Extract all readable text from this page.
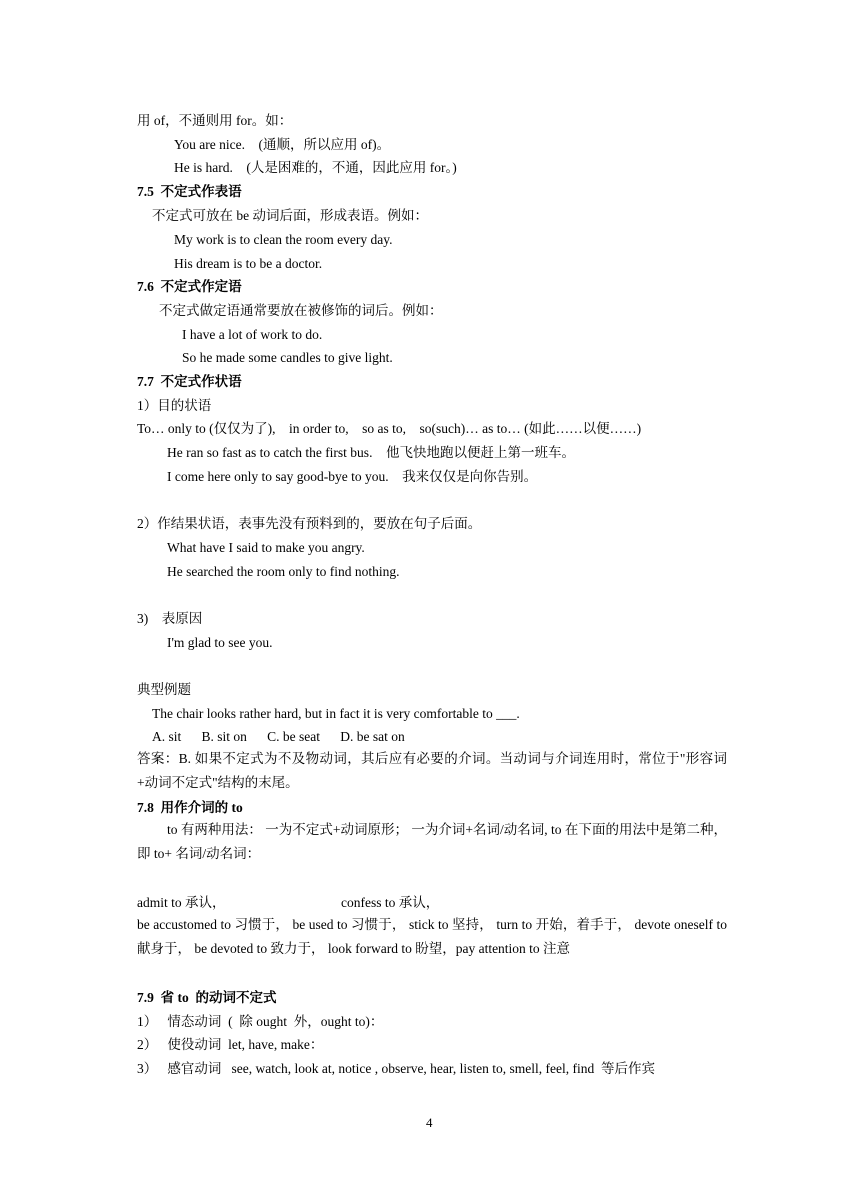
用 of，不通则用 for。如：
You are nice.    (通顺，所以应用 of)。
He is hard.    (人是困难的，不通，因此应用 for。)
7.5  不定式作表语
不定式可放在 be 动词后面，形成表语。例如：
My work is to clean the room every day.
His dream is to be a doctor.
7.6  不定式作定语
不定式做定语通常要放在被修饰的词后。例如：
I have a lot of work to do.
So he made some candles to give light.
7.7  不定式作状语
1）目的状语
To… only to (仅仅为了),    in order to,    so as to,    so(such)… as to… (如此……以便……)
He ran so fast as to catch the first bus.    他飞快地跑以便赶上第一班车。
I come here only to say good-bye to you.    我来仅仅是向你告别。
2）作结果状语，表事先没有预料到的，要放在句子后面。
What have I said to make you angry.
He searched the room only to find nothing.
3)    表原因
I'm glad to see you.
典型例题
The chair looks rather hard, but in fact it is very comfortable to ___.
A. sit      B. sit on      C. be seat      D. be sat on
答案：B. 如果不定式为不及物动词，其后应有必要的介词。当动词与介词连用时，常位于"形容词+动词不定式"结构的末尾。
7.8  用作介词的 to
to 有两种用法： 一为不定式+动词原形； 一为介词+名词/动名词, to 在下面的用法中是第二种，即 to+ 名词/动名词：
admit to 承认，	confess to 承认，
be accustomed to 习惯于， be used to 习惯于， stick to 坚持， turn to 开始，着手于， devote oneself to 献身于， be devoted to 致力于， look forward to 盼望，pay attention to 注意
7.9  省 to  的动词不定式
1）   情态动词  (  除 ought  外，ought to)：
2）   使役动词  let, have, make：
3）   感官动词   see, watch, look at, notice , observe, hear, listen to, smell, feel, find  等后作宾
4
